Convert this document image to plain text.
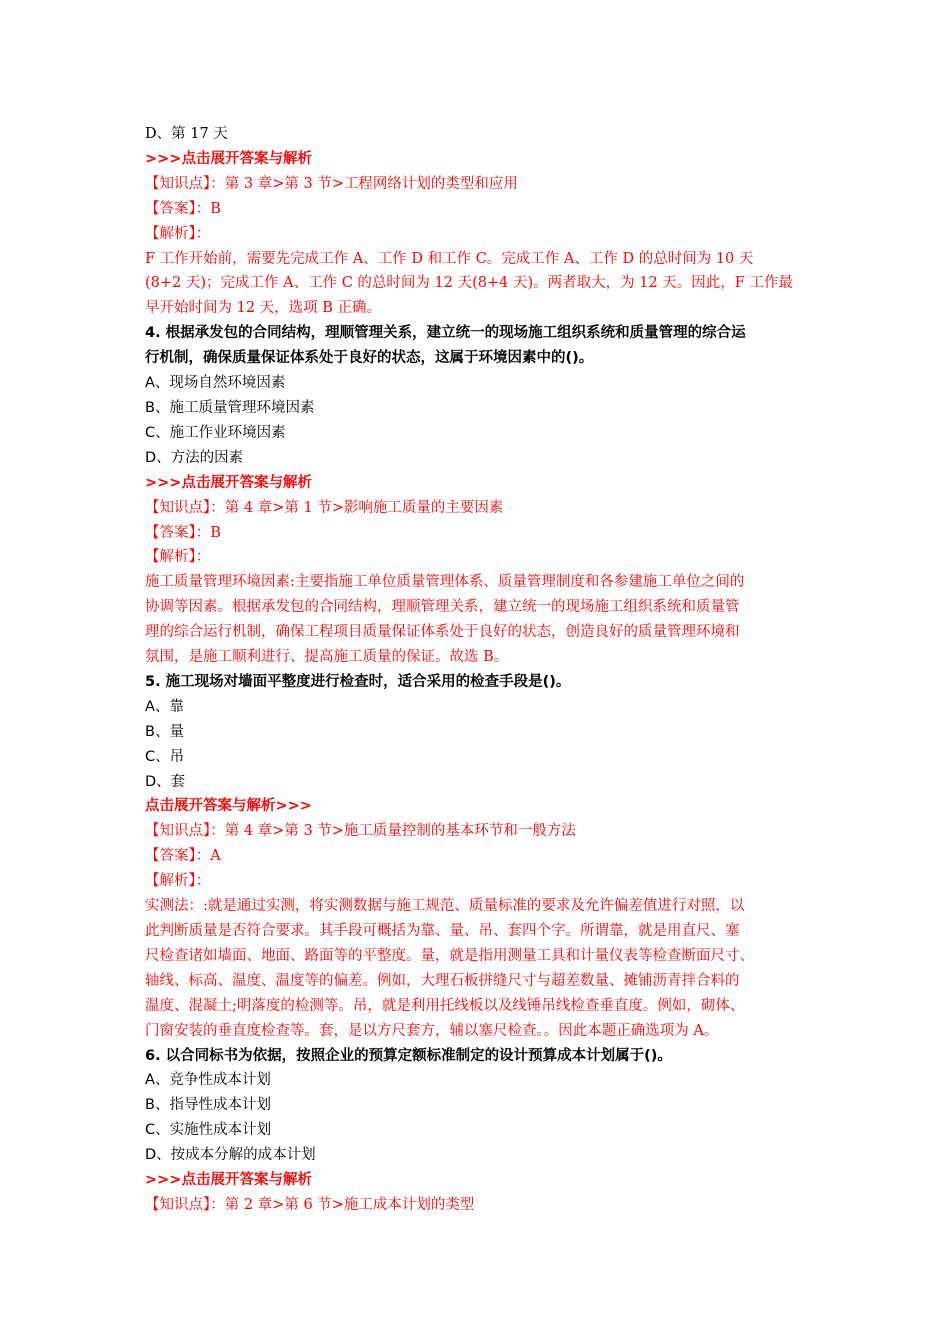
D、第 17 天
>>>点击展开答案与解析
【知识点】：第 3 章>第 3 节>工程网络计划的类型和应用
【答案】：B
【解析】：
F 工作开始前，需要先完成工作 A、工作 D 和工作 C。完成工作 A、工作 D 的总时间为 10 天
(8+2 天)；完成工作 A、工作 C 的总时间为 12 天(8+4 天)。两者取大，为 12 天。因此，F 工作最
早开始时间为 12 天，选项 B 正确。
4. 根据承发包的合同结构，理顺管理关系，建立统一的现场施工组织系统和质量管理的综合运
行机制，确保质量保证体系处于良好的状态，这属于环境因素中的()。
A、现场自然环境因素
B、施工质量管理环境因素
C、施工作业环境因素
D、方法的因素
>>>点击展开答案与解析
【知识点】：第 4 章>第 1 节>影响施工质量的主要因素
【答案】：B
【解析】：
施工质量管理环境因素:主要指施工单位质量管理体系、质量管理制度和各参建施工单位之间的
协调等因素。根据承发包的合同结构，理顺管理关系，建立统一的现场施工组织系统和质量管
理的综合运行机制，确保工程项目质量保证体系处于良好的状态，创造良好的质量管理环境和
氛围，是施工顺利进行、提高施工质量的保证。故选 B。
5. 施工现场对墙面平整度进行检查时，适合采用的检查手段是()。
A、靠
B、量
C、吊
D、套
点击展开答案与解析>>>
【知识点】：第 4 章>第 3 节>施工质量控制的基本环节和一般方法
【答案】：A
【解析】：
实测法：:就是通过实测，将实测数据与施工规范、质量标准的要求及允许偏差值进行对照，以
此判断质量是否符合要求。其手段可概括为靠、量、吊、套四个字。所谓靠，就是用直尺、塞
尺检查诸如墙面、地面、路面等的平整度。量，就是指用测量工具和计量仪表等检查断面尺寸、
轴线、标高、温度、温度等的偏差。例如，大理石板拼缝尺寸与超差数量、摊铺沥青拌合料的
温度、混凝土;明落度的检测等。吊，就是利用托线板以及线锤吊线检查垂直度。例如，砌体、
门窗安装的垂直度检查等。套，是以方尺套方，辅以塞尺检查。。因此本题正确选项为 A。
6. 以合同标书为依据，按照企业的预算定额标准制定的设计预算成本计划属于()。
A、竞争性成本计划
B、指导性成本计划
C、实施性成本计划
D、按成本分解的成本计划
>>>点击展开答案与解析
【知识点】：第 2 章>第 6 节>施工成本计划的类型
